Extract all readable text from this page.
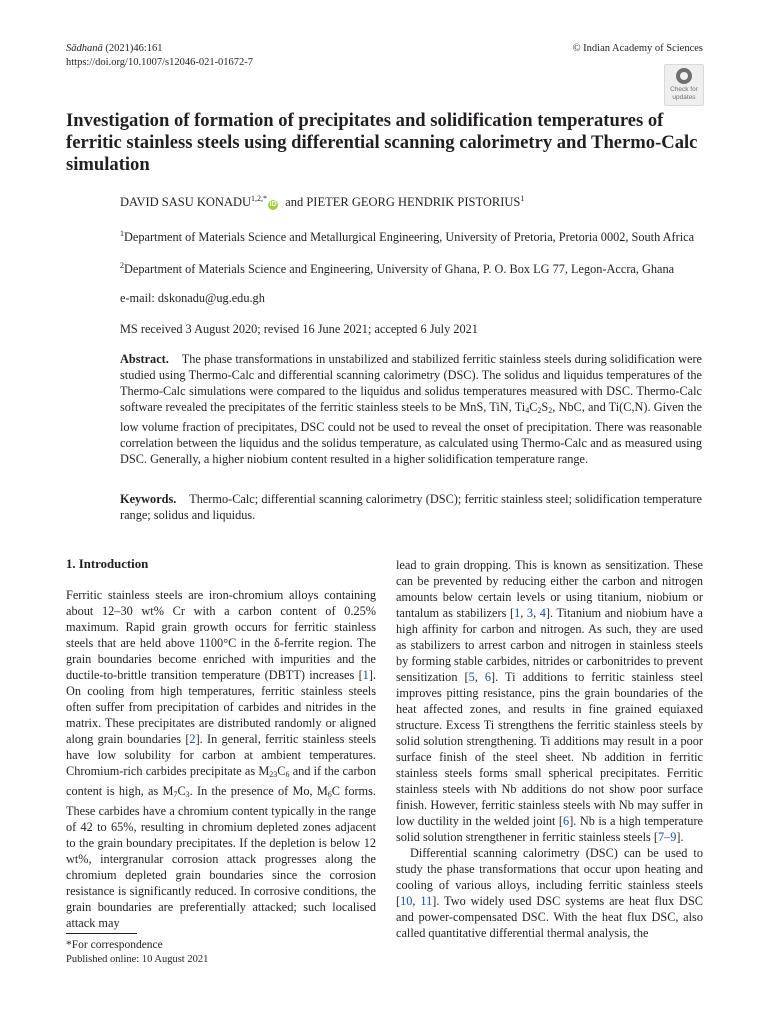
Sādhanā (2021)46:161
https://doi.org/10.1007/s12046-021-01672-7
© Indian Academy of Sciences
Check for
updates
Investigation of formation of precipitates and solidification temperatures of ferritic stainless steels using differential scanning calorimetry and Thermo-Calc simulation
DAVID SASU $KONADU^{1,2,*}iD$ and PIETER GEORG HENDRIK PISTORIUS$^1$
$^1$Department of Materials Science and Metallurgical Engineering, University of Pretoria, Pretoria 0002, South Africa
$^2$Department of Materials Science and Engineering, University of Ghana, P. O. Box LG 77, Legon-Accra, Ghana
e-mail: dskonadu@ug.edu.gh
MS received 3 August 2020; revised 16 June 2021; accepted 6 July 2021
Abstract. The phase transformations in unstabilized and stabilized ferritic stainless steels during solidification were studied using Thermo-Calc and differential scanning calorimetry (DSC). The solidus and liquidus temperatures of the Thermo-Calc simulations were compared to the liquidus and solidus temperatures measured with DSC. Thermo-Calc software revealed the precipitates of the ferritic stainless steels to be MnS, TiN, $Ti_4C_2S_2$, NbC, and Ti(C,N). Given the low volume fraction of precipitates, DSC could not be used to reveal the onset of precipitation. There was reasonable correlation between the liquidus and the solidus temperature, as calculated using Thermo-Calc and as measured using DSC. Generally, a higher niobium content resulted in a higher solidification temperature range.
Keywords. Thermo-Calc; differential scanning calorimetry (DSC); ferritic stainless steel; solidification temperature range; solidus and liquidus.
1. Introduction
Ferritic stainless steels are iron-chromium alloys containing about 12–30 wt% Cr with a carbon content of 0.25% maximum. Rapid grain growth occurs for ferritic stainless steels that are held above 1100°C in the δ-ferrite region. The grain boundaries become enriched with impurities and the ductile-to-brittle transition temperature (DBTT) increases [1]. On cooling from high temperatures, ferritic stainless steels often suffer from precipitation of carbides and nitrides in the matrix. These precipitates are distributed randomly or aligned along grain boundaries [2]. In general, ferritic stainless steels have low solubility for carbon at ambient temperatures. Chromium-rich carbides precipitate as $M_{23}C_6$ and if the carbon content is high, as $M_7C_3$. In the presence of Mo, $M_6C$ forms. These carbides have a chromium content typically in the range of 42 to 65%, resulting in chromium depleted zones adjacent to the grain boundary precipitates. If the depletion is below 12 wt%, intergranular corrosion attack progresses along the chromium depleted grain boundaries since the corrosion resistance is significantly reduced. In corrosive conditions, the grain boundaries are preferentially attacked; such localised attack may
lead to grain dropping. This is known as sensitization. These can be prevented by reducing either the carbon and nitrogen amounts below certain levels or using titanium, niobium or tantalum as stabilizers [1, 3, 4]. Titanium and niobium have a high affinity for carbon and nitrogen. As such, they are used as stabilizers to arrest carbon and nitrogen in stainless steels by forming stable carbides, nitrides or carbonitrides to prevent sensitization [5, 6]. Ti additions to ferritic stainless steel improves pitting resistance, pins the grain boundaries of the heat affected zones, and results in fine grained equiaxed structure. Excess Ti strengthens the ferritic stainless steels by solid solution strengthening. Ti additions may result in a poor surface finish of the steel sheet. Nb addition in ferritic stainless steels forms small spherical precipitates. Ferritic stainless steels with Nb additions do not show poor surface finish. However, ferritic stainless steels with Nb may suffer in low ductility in the welded joint [6]. Nb is a high temperature solid solution strengthener in ferritic stainless steels [7–9].
Differential scanning calorimetry (DSC) can be used to study the phase transformations that occur upon heating and cooling of various alloys, including ferritic stainless steels [10, 11]. Two widely used DSC systems are heat flux DSC and power-compensated DSC. With the heat flux DSC, also called quantitative differential thermal analysis, the
*For correspondence
Published online: 10 August 2021
